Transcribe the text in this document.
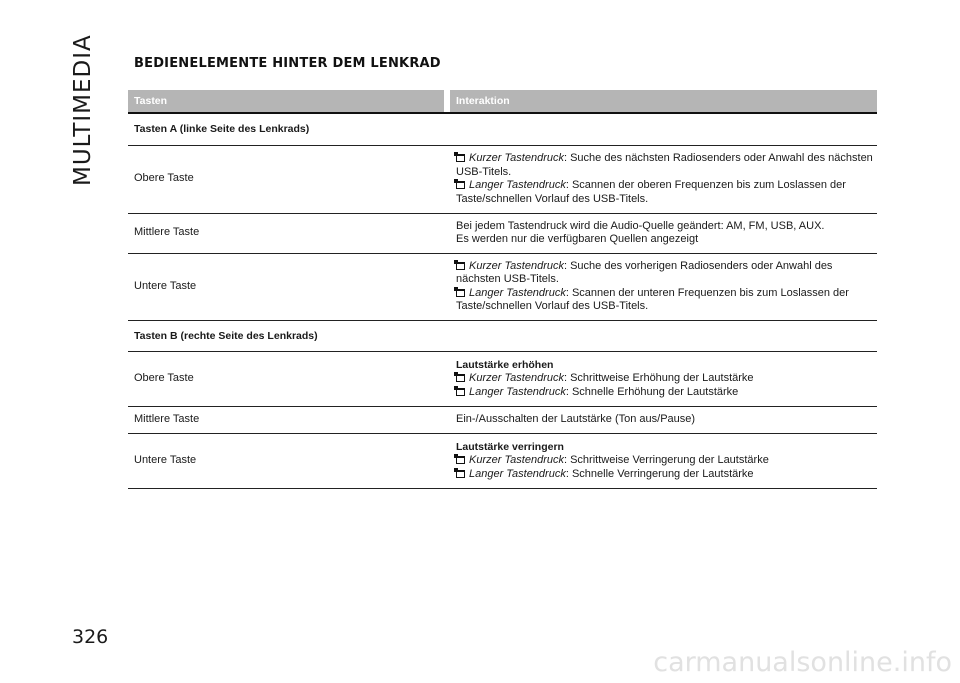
MULTIMEDIA
326
BEDIENELEMENTE HINTER DEM LENKRAD
Tasten	Interaktion
Tasten A (linke Seite des Lenkrads)
Obere Taste
Kurzer Tastendruck: Suche des nächsten Radiosenders oder Anwahl des nächsten USB-Titels.
Langer Tastendruck: Scannen der oberen Frequenzen bis zum Loslassen der Taste/schnellen Vorlauf des USB-Titels.
Mittlere Taste
Bei jedem Tastendruck wird die Audio-Quelle geändert: AM, FM, USB, AUX.
Es werden nur die verfügbaren Quellen angezeigt
Untere Taste
Kurzer Tastendruck: Suche des vorherigen Radiosenders oder Anwahl des nächsten USB-Titels.
Langer Tastendruck: Scannen der unteren Frequenzen bis zum Loslassen der Taste/schnellen Vorlauf des USB-Titels.
Tasten B (rechte Seite des Lenkrads)
Obere Taste
Lautstärke erhöhen
Kurzer Tastendruck: Schrittweise Erhöhung der Lautstärke
Langer Tastendruck: Schnelle Erhöhung der Lautstärke
Mittlere Taste	Ein-/Ausschalten der Lautstärke (Ton aus/Pause)
Untere Taste
Lautstärke verringern
Kurzer Tastendruck: Schrittweise Verringerung der Lautstärke
Langer Tastendruck: Schnelle Verringerung der Lautstärke
carmanualsonline.info
